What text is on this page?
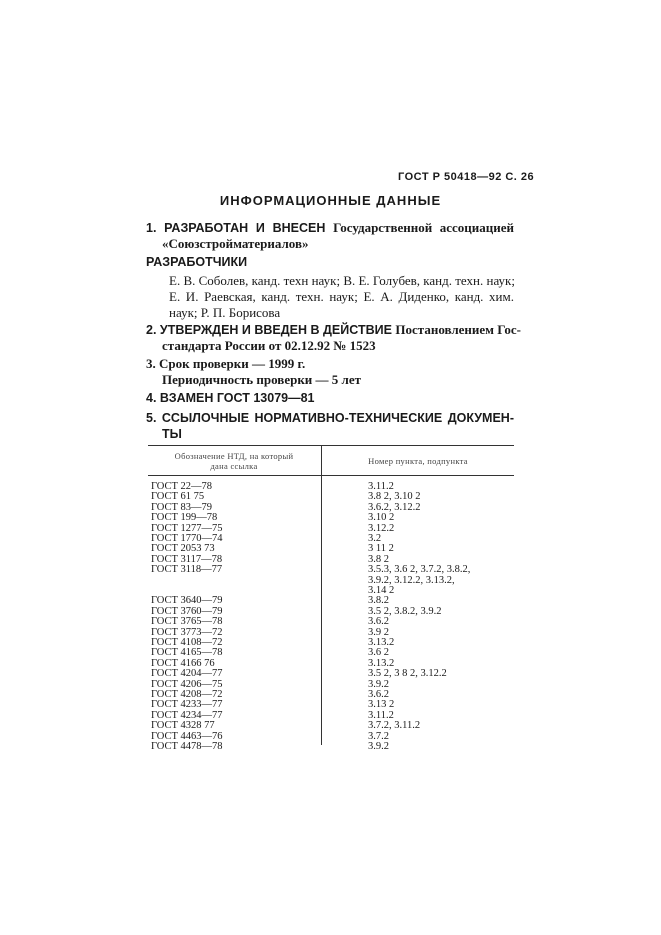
ГОСТ Р 50418—92 С. 26
ИНФОРМАЦИОННЫЕ ДАННЫЕ
1. РАЗРАБОТАН И ВНЕСЕН Государственной ассоциацией
«Союзстройматериалов»
РАЗРАБОТЧИКИ
Е. В. Соболев, канд. техн наук; В. Е. Голубев, канд. техн. наук;
Е. И. Раевская, канд. техн. наук; Е. А. Диденко, канд. хим.
наук; Р. П. Борисова
2. УТВЕРЖДЕН И ВВЕДЕН В ДЕЙСТВИЕ Постановлением Гос-
стандарта России от 02.12.92 № 1523
3. Срок проверки — 1999 г.
Периодичность проверки — 5 лет
4. ВЗАМЕН ГОСТ 13079—81
5. ССЫЛОЧНЫЕ НОРМАТИВНО-ТЕХНИЧЕСКИЕ ДОКУМЕН-
ТЫ
Обозначение НТД, на который
дана ссылка	Номер пункта, подпункта
ГОСТ 22—78	3.11.2
ГОСТ 61 75	3.8 2, 3.10 2
ГОСТ 83—79	3.6.2, 3.12.2
ГОСТ 199—78	3.10 2
ГОСТ 1277—75	3.12.2
ГОСТ 1770—74	3.2
ГОСТ 2053 73	3 11 2
ГОСТ 3117—78	3.8 2
ГОСТ 3118—77	3.5.3, 3.6 2, 3.7.2, 3.8.2,
3.9.2, 3.12.2, 3.13.2,
3.14 2
ГОСТ 3640—79	3.8.2
ГОСТ 3760—79	3.5 2, 3.8.2, 3.9.2
ГОСТ 3765—78	3.6.2
ГОСТ 3773—72	3.9 2
ГОСТ 4108—72	3.13.2
ГОСТ 4165—78	3.6 2
ГОСТ 4166 76	3.13.2
ГОСТ 4204—77	3.5 2, 3 8 2, 3.12.2
ГОСТ 4206—75	3.9.2
ГОСТ 4208—72	3.6.2
ГОСТ 4233—77	3.13 2
ГОСТ 4234—77	3.11.2
ГОСТ 4328 77	3.7.2, 3.11.2
ГОСТ 4463—76	3.7.2
ГОСТ 4478—78	3.9.2
